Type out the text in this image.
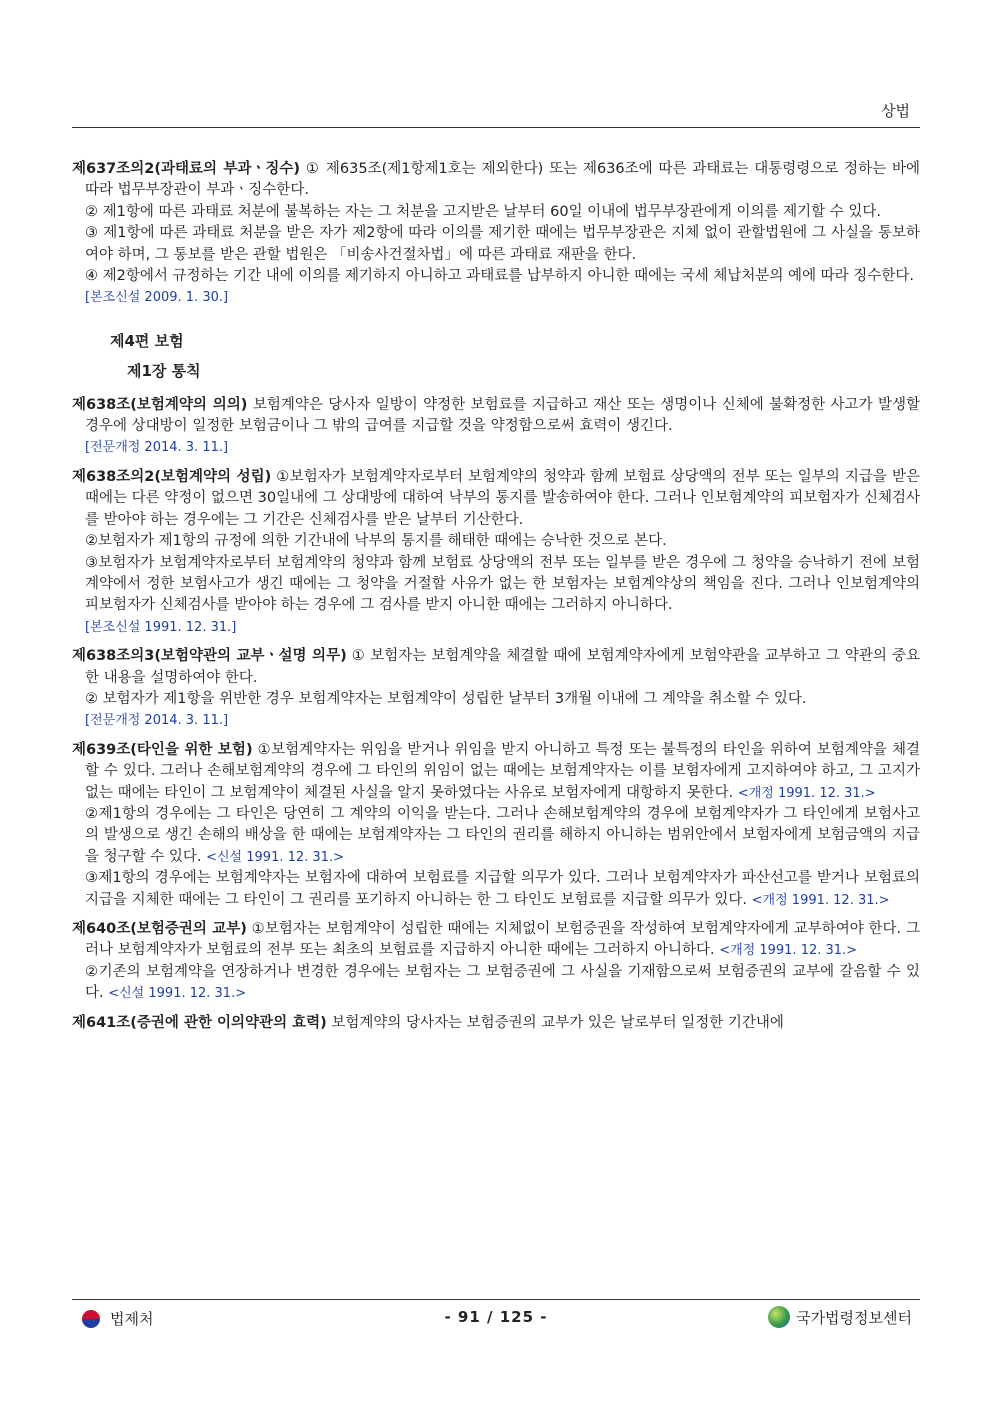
상법

제637조의2(과태료의 부과ㆍ징수) ① 제635조(제1항제1호는 제외한다) 또는 제636조에 따른 과태료는 대통령령으로 정하는 바에 따라 법무부장관이 부과ㆍ징수한다.

② 제1항에 따른 과태료 처분에 불복하는 자는 그 처분을 고지받은 날부터 60일 이내에 법무부장관에게 이의를 제기할 수 있다.

③ 제1항에 따른 과태료 처분을 받은 자가 제2항에 따라 이의를 제기한 때에는 법무부장관은 지체 없이 관할법원에 그 사실을 통보하여야 하며, 그 통보를 받은 관할 법원은 「비송사건절차법」에 따른 과태료 재판을 한다.

④ 제2항에서 규정하는 기간 내에 이의를 제기하지 아니하고 과태료를 납부하지 아니한 때에는 국세 체납처분의 예에 따라 징수한다.

[본조신설 2009. 1. 30.]

제4편 보험
제1장 통칙

제638조(보험계약의 의의) 보험계약은 당사자 일방이 약정한 보험료를 지급하고 재산 또는 생명이나 신체에 불확정한 사고가 발생할 경우에 상대방이 일정한 보험금이나 그 밖의 급여를 지급할 것을 약정함으로써 효력이 생긴다.

[전문개정 2014. 3. 11.]

제638조의2(보험계약의 성립) ①보험자가 보험계약자로부터 보험계약의 청약과 함께 보험료 상당액의 전부 또는 일부의 지급을 받은 때에는 다른 약정이 없으면 30일내에 그 상대방에 대하여 낙부의 통지를 발송하여야 한다. 그러나 인보험계약의 피보험자가 신체검사를 받아야 하는 경우에는 그 기간은 신체검사를 받은 날부터 기산한다.

②보험자가 제1항의 규정에 의한 기간내에 낙부의 통지를 해태한 때에는 승낙한 것으로 본다.

③보험자가 보험계약자로부터 보험계약의 청약과 함께 보험료 상당액의 전부 또는 일부를 받은 경우에 그 청약을 승낙하기 전에 보험계약에서 정한 보험사고가 생긴 때에는 그 청약을 거절할 사유가 없는 한 보험자는 보험계약상의 책임을 진다. 그러나 인보험계약의 피보험자가 신체검사를 받아야 하는 경우에 그 검사를 받지 아니한 때에는 그러하지 아니하다.

[본조신설 1991. 12. 31.]

제638조의3(보험약관의 교부ㆍ설명 의무) ① 보험자는 보험계약을 체결할 때에 보험계약자에게 보험약관을 교부하고 그 약관의 중요한 내용을 설명하여야 한다.

② 보험자가 제1항을 위반한 경우 보험계약자는 보험계약이 성립한 날부터 3개월 이내에 그 계약을 취소할 수 있다.

[전문개정 2014. 3. 11.]

제639조(타인을 위한 보험) ①보험계약자는 위임을 받거나 위임을 받지 아니하고 특정 또는 불특정의 타인을 위하여 보험계약을 체결할 수 있다. 그러나 손해보험계약의 경우에 그 타인의 위임이 없는 때에는 보험계약자는 이를 보험자에게 고지하여야 하고, 그 고지가 없는 때에는 타인이 그 보험계약이 체결된 사실을 알지 못하였다는 사유로 보험자에게 대항하지 못한다. <개정 1991. 12. 31.>

②제1항의 경우에는 그 타인은 당연히 그 계약의 이익을 받는다. 그러나 손해보험계약의 경우에 보험계약자가 그 타인에게 보험사고의 발생으로 생긴 손해의 배상을 한 때에는 보험계약자는 그 타인의 권리를 해하지 아니하는 범위안에서 보험자에게 보험금액의 지급을 청구할 수 있다. <신설 1991. 12. 31.>

③제1항의 경우에는 보험계약자는 보험자에 대하여 보험료를 지급할 의무가 있다. 그러나 보험계약자가 파산선고를 받거나 보험료의 지급을 지체한 때에는 그 타인이 그 권리를 포기하지 아니하는 한 그 타인도 보험료를 지급할 의무가 있다. <개정 1991. 12. 31.>

제640조(보험증권의 교부) ①보험자는 보험계약이 성립한 때에는 지체없이 보험증권을 작성하여 보험계약자에게 교부하여야 한다. 그러나 보험계약자가 보험료의 전부 또는 최초의 보험료를 지급하지 아니한 때에는 그러하지 아니하다. <개정 1991. 12. 31.>

②기존의 보험계약을 연장하거나 변경한 경우에는 보험자는 그 보험증권에 그 사실을 기재함으로써 보험증권의 교부에 갈음할 수 있다. <신설 1991. 12. 31.>

제641조(증권에 관한 이의약관의 효력) 보험계약의 당사자는 보험증권의 교부가 있은 날로부터 일정한 기간내에

법제처	- 91 / 125 -	국가법령정보센터
